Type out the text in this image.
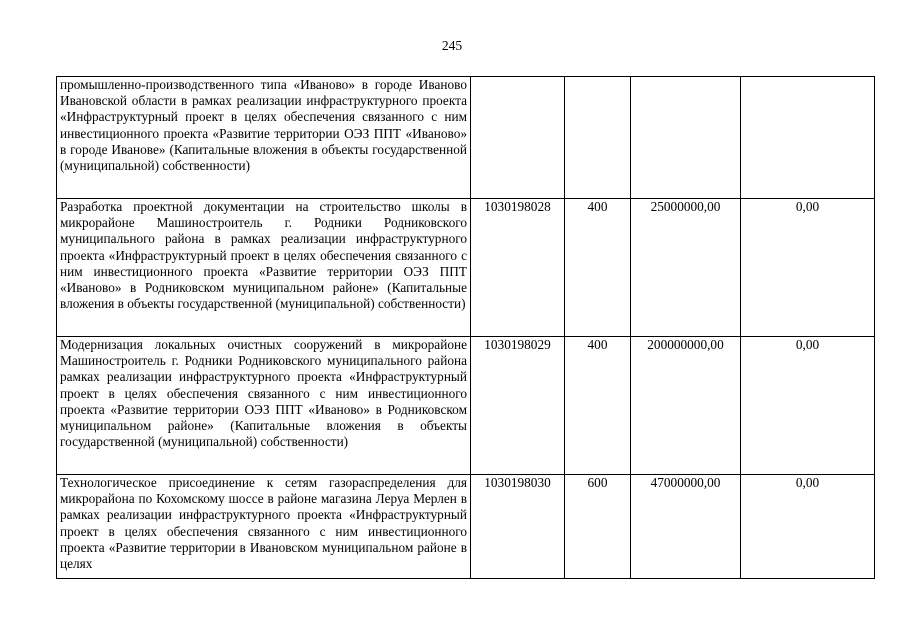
245
промышленно-производственного типа «Иваново» в городе Иваново Ивановской области в рамках реализации инфраструктурного проекта «Инфраструктурный проект в целях обеспечения связанного с ним инвестиционного проекта «Развитие территории ОЭЗ ППТ «Иваново» в городе Иванове» (Капитальные вложения в объекты государственной (муниципальной) собственности)				
Разработка проектной документации на строительство школы в микрорайоне Машиностроитель г. Родники Родниковского муниципального района в рамках реализации инфраструктурного проекта «Инфраструктурный проект в целях обеспечения связанного с ним инвестиционного проекта «Развитие территории ОЭЗ ППТ «Иваново» в Родниковском муниципальном районе» (Капитальные вложения в объекты государственной (муниципальной) собственности)	1030198028	400	25000000,00	0,00
Модернизация локальных очистных сооружений в микрорайоне Машиностроитель г. Родники Родниковского муниципального района рамках реализации инфраструктурного проекта «Инфраструктурный проект в целях обеспечения связанного с ним инвестиционного проекта «Развитие территории ОЭЗ ППТ «Иваново» в Родниковском муниципальном районе» (Капитальные вложения в объекты государственной (муниципальной) собственности)	1030198029	400	200000000,00	0,00
Технологическое присоединение к сетям газораспределения для микрорайона по Кохомскому шоссе в районе магазина Леруа Мерлен в рамках реализации инфраструктурного проекта «Инфраструктурный проект в целях обеспечения связанного с ним инвестиционного проекта «Развитие территории в Ивановском муниципальном районе в целях	1030198030	600	47000000,00	0,00
